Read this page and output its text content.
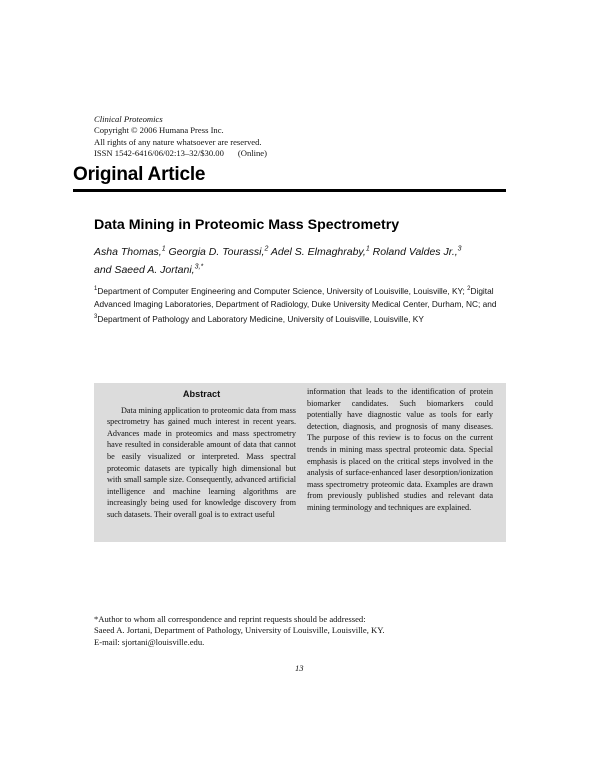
Clinical Proteomics
Copyright © 2006 Humana Press Inc.
All rights of any nature whatsoever are reserved.
ISSN 1542-6416/06/02:13–32/$30.00 (Online)
Original Article
Data Mining in Proteomic Mass Spectrometry
Asha Thomas,$^1$ Georgia D. Tourassi,$^2$ Adel S. Elmaghraby,$^1$ Roland Valdes Jr.,$^3$ and Saeed A. Jortani,$^{3,*}$
$^1$Department of Computer Engineering and Computer Science, University of Louisville, Louisville, KY; $^2$Digital Advanced Imaging Laboratories, Department of Radiology, Duke University Medical Center, Durham, NC; and $^3$Department of Pathology and Laboratory Medicine, University of Louisville, Louisville, KY
Abstract
Data mining application to proteomic data from mass spectrometry has gained much interest in recent years. Advances made in proteomics and mass spectrometry have resulted in considerable amount of data that cannot be easily visualized or interpreted. Mass spectral proteomic datasets are typically high dimensional but with small sample size. Consequently, advanced artificial intelligence and machine learning algorithms are increasingly being used for knowledge discovery from such datasets. Their overall goal is to extract useful
information that leads to the identification of protein biomarker candidates. Such biomarkers could potentially have diagnostic value as tools for early detection, diagnosis, and prognosis of many diseases. The purpose of this review is to focus on the current trends in mining mass spectral proteomic data. Special emphasis is placed on the critical steps involved in the analysis of surface-enhanced laser desorption/ionization mass spectrometry proteomic data. Examples are drawn from previously published studies and relevant data mining terminology and techniques are explained.
*Author to whom all correspondence and reprint requests should be addressed:
Saeed A. Jortani, Department of Pathology, University of Louisville, Louisville, KY.
E-mail: sjortani@louisville.edu.
13
